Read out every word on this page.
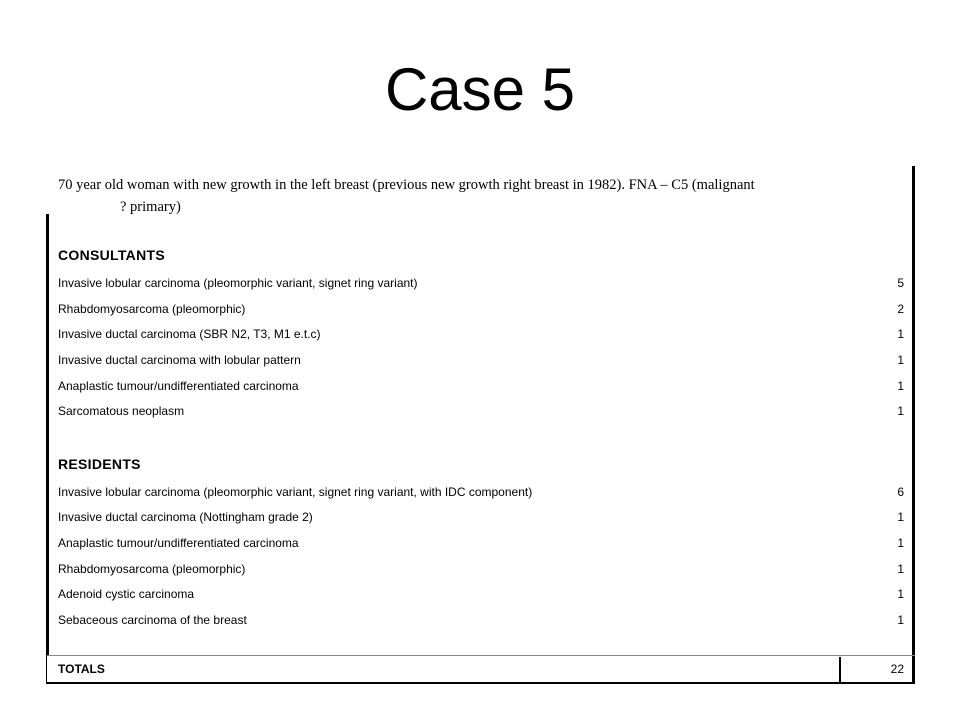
Case 5
70 year old woman with new growth in the left breast (previous new growth right breast in 1982). FNA – C5 (malignant
? primary)
CONSULTANTS
Invasive lobular carcinoma (pleomorphic variant, signet ring variant)	5
Rhabdomyosarcoma (pleomorphic)	2
Invasive ductal carcinoma (SBR N2, T3, M1 e.t.c)	1
Invasive ductal carcinoma with lobular pattern	1
Anaplastic tumour/undifferentiated carcinoma	1
Sarcomatous neoplasm	1
RESIDENTS
Invasive lobular carcinoma (pleomorphic variant, signet ring variant, with IDC component)	6
Invasive ductal carcinoma (Nottingham grade 2)	1
Anaplastic tumour/undifferentiated carcinoma	1
Rhabdomyosarcoma (pleomorphic)	1
Adenoid cystic carcinoma	1
Sebaceous carcinoma of the breast	1
TOTALS	22
